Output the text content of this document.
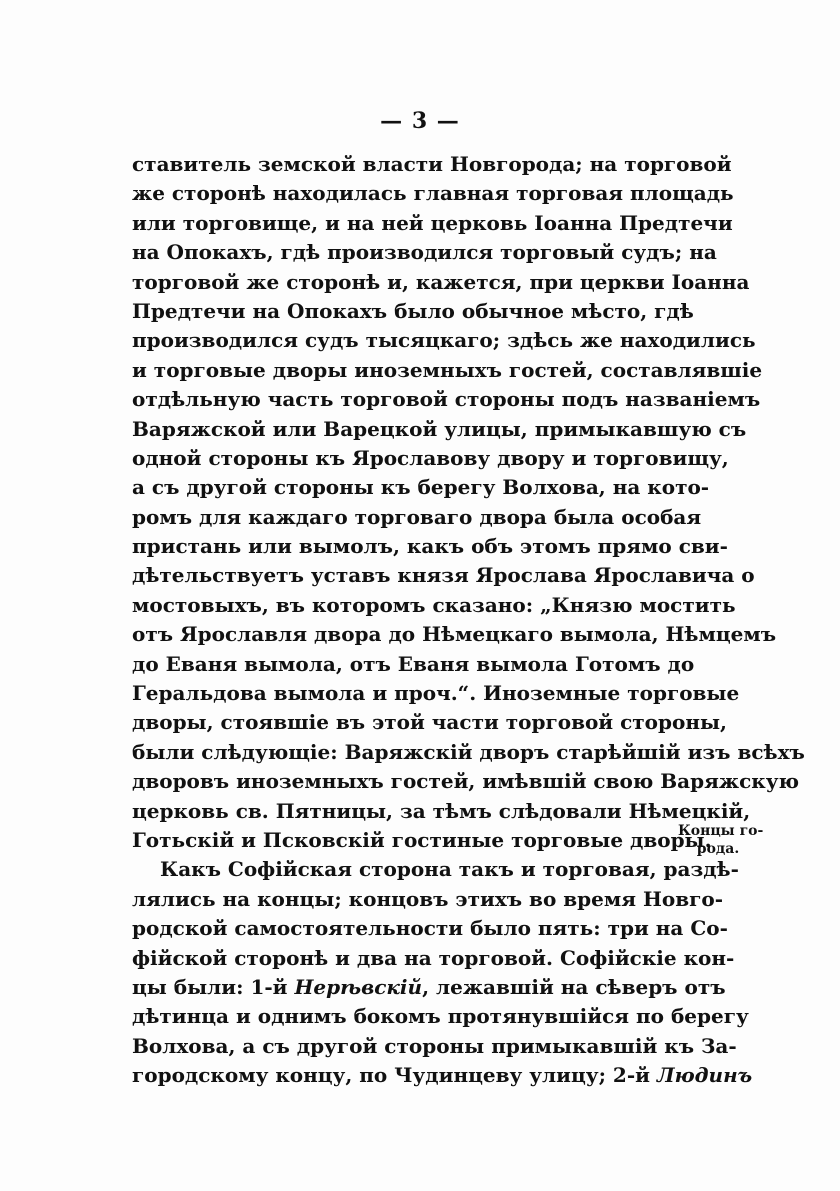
— 3 —
ставитель земской власти Новгорода; на торговой
же сторонѣ находилась главная торговая площадь
или торговище, и на ней церковь Іоанна Предтечи
на Опокахъ, гдѣ производился торговый судъ; на
торговой же сторонѣ и, кажется, при церкви Іоанна
Предтечи на Опокахъ было обычное мѣсто, гдѣ
производился судъ тысяцкаго; здѣсь же находились
и торговые дворы иноземныхъ гостей, составлявшіе
отдѣльную часть торговой стороны подъ названіемъ
Варяжской или Варецкой улицы, примыкавшую съ
одной стороны къ Ярославову двору и торговищу,
а съ другой стороны къ берегу Волхова, на кото-
ромъ для каждаго торговаго двора была особая
пристань или вымолъ, какъ объ этомъ прямо сви-
дѣтельствуетъ уставъ князя Ярослава Ярославича о
мостовыхъ, въ которомъ сказано: „Князю мостить
отъ Ярославля двора до Нѣмецкаго вымола, Нѣмцемъ
до Еваня вымола, отъ Еваня вымола Готомъ до
Геральдова вымола и проч.“. Иноземные торговые
дворы, стоявшіе въ этой части торговой стороны,
были слѣдующіе: Варяжскій дворъ старѣйшій изъ всѣхъ
дворовъ иноземныхъ гостей, имѣвшій свою Варяжскую
церковь св. Пятницы, за тѣмъ слѣдовали Нѣмецкій,
Готьскій и Псковскій гостиные торговые дворы.
Какъ Софійская сторона такъ и торговая, раздѣ-
лялись на концы; концовъ этихъ во время Новго-
родской самостоятельности было пять: три на Со-
фійской сторонѣ и два на торговой. Софійскіе кон-
цы были: 1-й Нерѣвскій, лежавшій на сѣверъ отъ
дѣтинца и однимъ бокомъ протянувшійся по берегу
Волхова, а съ другой стороны примыкавшій къ За-
городскому концу, по Чудинцеву улицу; 2-й Людинъ
Концы го-
рода.
